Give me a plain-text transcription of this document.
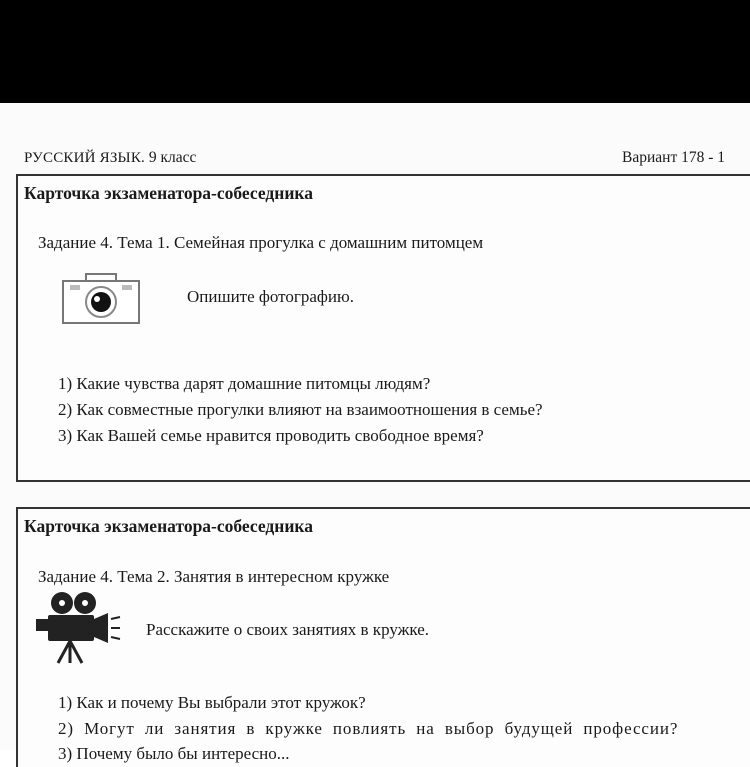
РУССКИЙ ЯЗЫК. 9 класс	Вариант 178 - 1
Карточка экзаменатора-собеседника
Задание 4. Тема 1. Семейная прогулка с домашним питомцем
Опишите фотографию.
1) Какие чувства дарят домашние питомцы людям?
2) Как совместные прогулки влияют на взаимоотношения в семье?
3) Как Вашей семье нравится проводить свободное время?
Карточка экзаменатора-собеседника
Задание 4. Тема 2. Занятия в интересном кружке
Расскажите о своих занятиях в кружке.
1) Как и почему Вы выбрали этот кружок?
2) Могут ли занятия в кружке повлиять на выбор будущей профессии?
3) Почему было бы интересно...
